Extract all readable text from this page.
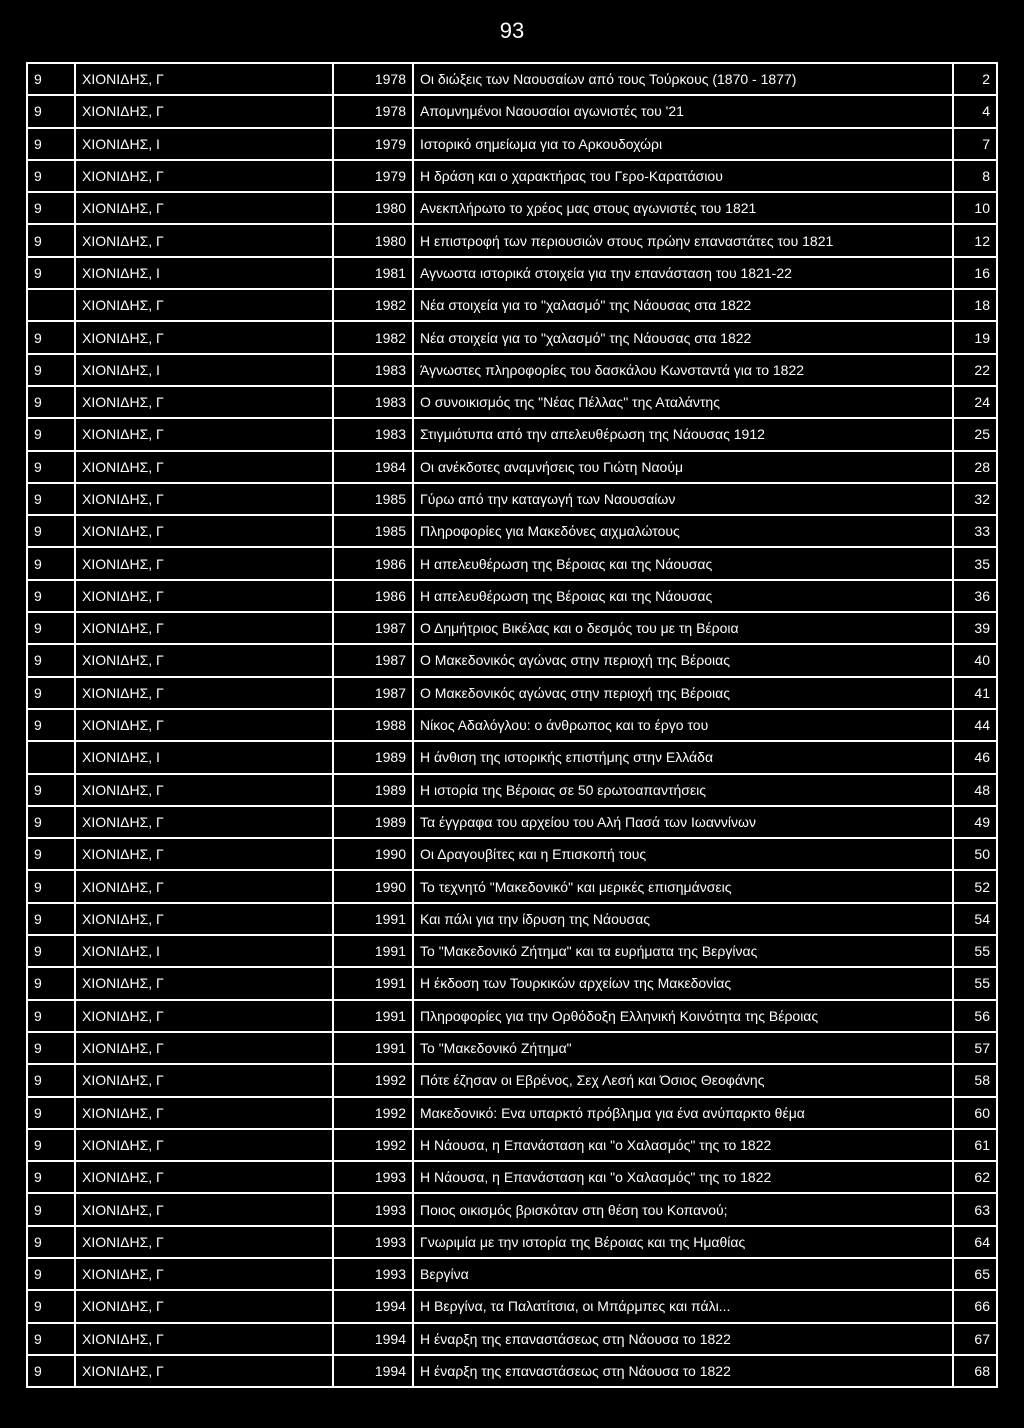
93
9	ΧΙΟΝΙΔΗΣ, Γ	1978	Οι διώξεις των Ναουσαίων από τους Τούρκους (1870 - 1877)	2
9	ΧΙΟΝΙΔΗΣ, Γ	1978	Απομνημένοι Ναουσαίοι αγωνιστές του '21	4
9	ΧΙΟΝΙΔΗΣ, Ι	1979	Ιστορικό σημείωμα για το Αρκουδοχώρι	7
9	ΧΙΟΝΙΔΗΣ, Γ	1979	Η δράση και ο χαρακτήρας του Γερο-Καρατάσιου	8
9	ΧΙΟΝΙΔΗΣ, Γ	1980	Ανεκπλήρωτο το χρέος μας στους αγωνιστές του 1821	10
9	ΧΙΟΝΙΔΗΣ, Γ	1980	Η επιστροφή των περιουσιών στους πρώην επαναστάτες του 1821	12
9	ΧΙΟΝΙΔΗΣ, Ι	1981	Αγνωστα ιστορικά στοιχεία για την επανάσταση του 1821-22	16
	ΧΙΟΝΙΔΗΣ, Γ	1982	Νέα στοιχεία για το "χαλασμό" της Νάουσας στα 1822	18
9	ΧΙΟΝΙΔΗΣ, Γ	1982	Νέα στοιχεία για το "χαλασμό" της Νάουσας στα 1822	19
9	ΧΙΟΝΙΔΗΣ, Ι	1983	Άγνωστες πληροφορίες του δασκάλου Κωνσταντά για το 1822	22
9	ΧΙΟΝΙΔΗΣ, Γ	1983	Ο συνοικισμός της "Νέας Πέλλας" της Αταλάντης	24
9	ΧΙΟΝΙΔΗΣ, Γ	1983	Στιγμιότυπα από την απελευθέρωση της Νάουσας 1912	25
9	ΧΙΟΝΙΔΗΣ, Γ	1984	Οι ανέκδοτες αναμνήσεις του Γιώτη Ναούμ	28
9	ΧΙΟΝΙΔΗΣ, Γ	1985	Γύρω από την καταγωγή των Ναουσαίων	32
9	ΧΙΟΝΙΔΗΣ, Γ	1985	Πληροφορίες για Μακεδόνες αιχμαλώτους	33
9	ΧΙΟΝΙΔΗΣ, Γ	1986	Η απελευθέρωση της Βέροιας και της Νάουσας	35
9	ΧΙΟΝΙΔΗΣ, Γ	1986	Η απελευθέρωση της Βέροιας και της Νάουσας	36
9	ΧΙΟΝΙΔΗΣ, Γ	1987	Ο Δημήτριος Βικέλας και ο δεσμός του με τη Βέροια	39
9	ΧΙΟΝΙΔΗΣ, Γ	1987	Ο Μακεδονικός αγώνας στην περιοχή της Βέροιας	40
9	ΧΙΟΝΙΔΗΣ, Γ	1987	Ο Μακεδονικός αγώνας στην περιοχή της Βέροιας	41
9	ΧΙΟΝΙΔΗΣ, Γ	1988	Νίκος Αδαλόγλου: ο άνθρωπος και το έργο του	44
	ΧΙΟΝΙΔΗΣ, Ι	1989	Η άνθιση της ιστορικής επιστήμης στην Ελλάδα	46
9	ΧΙΟΝΙΔΗΣ, Γ	1989	Η ιστορία της Βέροιας σε 50 ερωτοαπαντήσεις	48
9	ΧΙΟΝΙΔΗΣ, Γ	1989	Τα έγγραφα του αρχείου του Αλή Πασά των Ιωαννίνων	49
9	ΧΙΟΝΙΔΗΣ, Γ	1990	Οι Δραγουβίτες και η Επισκοπή τους	50
9	ΧΙΟΝΙΔΗΣ, Γ	1990	Το τεχνητό "Μακεδονικό" και μερικές επισημάνσεις	52
9	ΧΙΟΝΙΔΗΣ, Γ	1991	Και πάλι για την ίδρυση της Νάουσας	54
9	ΧΙΟΝΙΔΗΣ, Ι	1991	Το "Μακεδονικό Ζήτημα" και τα ευρήματα της Βεργίνας	55
9	ΧΙΟΝΙΔΗΣ, Γ	1991	Η έκδοση των Τουρκικών αρχείων της Μακεδονίας	55
9	ΧΙΟΝΙΔΗΣ, Γ	1991	Πληροφορίες για την Ορθόδοξη Ελληνική Κοινότητα της Βέροιας	56
9	ΧΙΟΝΙΔΗΣ, Γ	1991	Το "Μακεδονικό Ζήτημα"	57
9	ΧΙΟΝΙΔΗΣ, Γ	1992	Πότε έζησαν οι Εβρένος, Σεχ Λεσή και Όσιος Θεοφάνης	58
9	ΧΙΟΝΙΔΗΣ, Γ	1992	Μακεδονικό: Ενα υπαρκτό πρόβλημα για ένα ανύπαρκτο θέμα	60
9	ΧΙΟΝΙΔΗΣ, Γ	1992	Η Νάουσα, η Επανάσταση και "ο Χαλασμός" της το 1822	61
9	ΧΙΟΝΙΔΗΣ, Γ	1993	Η Νάουσα, η Επανάσταση και "ο Χαλασμός" της το 1822	62
9	ΧΙΟΝΙΔΗΣ, Γ	1993	Ποιος οικισμός βρισκόταν στη θέση του Κοπανού;	63
9	ΧΙΟΝΙΔΗΣ, Γ	1993	Γνωριμία με την ιστορία της Βέροιας και της Ημαθίας	64
9	ΧΙΟΝΙΔΗΣ, Γ	1993	Βεργίνα	65
9	ΧΙΟΝΙΔΗΣ, Γ	1994	Η Βεργίνα, τα Παλατίτσια, οι Μπάρμπες και πάλι...	66
9	ΧΙΟΝΙΔΗΣ, Γ	1994	Η έναρξη της επαναστάσεως στη Νάουσα το 1822	67
9	ΧΙΟΝΙΔΗΣ, Γ	1994	Η έναρξη της επαναστάσεως στη Νάουσα το 1822	68
